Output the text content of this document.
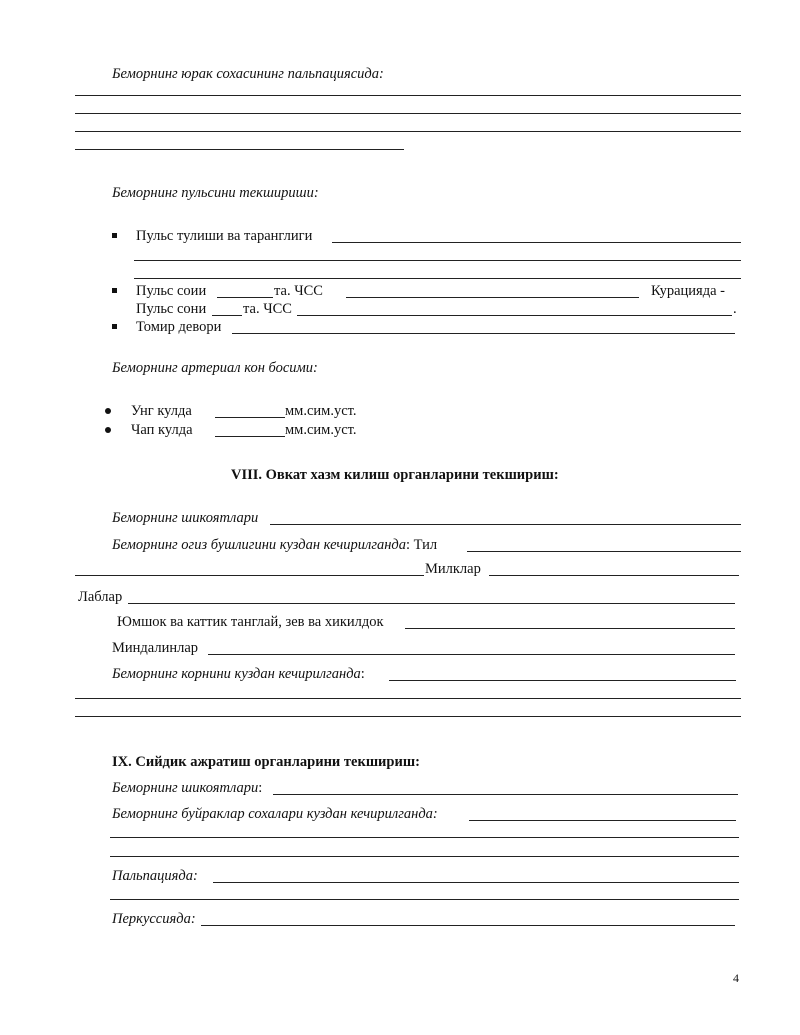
Беморнинг юрак сохасининг пальпациясида:
Беморнинг пульсини текшириши:
Пульс тулиши ва таранглиги
Пульс соии	та. ЧСС	Курацияда -
Пульс сони	та. ЧСС	.
Томир девори
Беморнинг артериал кон босими:
Унг кулда	мм.сим.уст.
Чап кулда	мм.сим.уст.
VIII. Овкат хазм килиш органларини текшириш:
Беморнинг шикоятлари
Беморнинг огиз бушлигини куздан кечирилганда: Тил
Милклар
Лаблар
Юмшок ва каттик танглай, зев ва хикилдок
Миндалинлар
Беморнинг корнини куздан кечирилганда:
IX. Сийдик ажратиш органларини текшириш:
Беморнинг шикоятлари:
Беморнинг буйраклар сохалари куздан кечирилганда:
Пальпацияда:
Перкуссияда:
4
